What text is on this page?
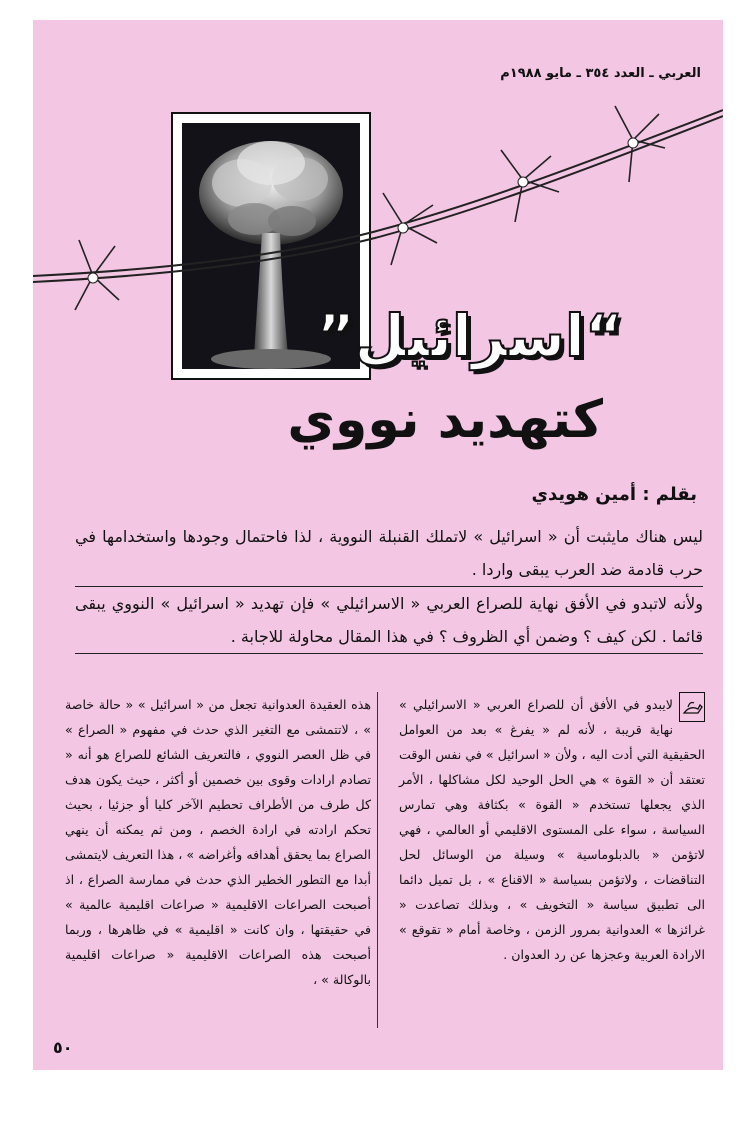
العربي ـ العدد ٣٥٤ ـ مايو ١٩٨٨م
“اسرائيل”
كتهديد نووي
بقلم : أمين هويدي

ليس هناك مايثبت أن « اسرائيل » لاتملك القنبلة النووية ، لذا فاحتمال وجودها واستخدامها في حرب قادمة ضد العرب يبقى واردا .

ولأنه لاتبدو في الأفق نهاية للصراع العربي « الاسرائيلي » فإن تهديد « اسرائيل » النووي يبقى قائما . لكن كيف ؟ وضمن أي الظروف ؟ في هذا المقال محاولة للاجابة .

لايبدو في الأفق أن للصراع العربي « الاسرائيلي » نهاية قريبة ، لأنه لم « يفرغ » بعد من العوامل الحقيقية التي أدت اليه ، ولأن « اسرائيل » في نفس الوقت تعتقد أن « القوة » هي الحل الوحيد لكل مشاكلها ، الأمر الذي يجعلها تستخدم « القوة » بكثافة وهي تمارس السياسة ، سواء على المستوى الاقليمي أو العالمي ، فهي لاتؤمن « بالدبلوماسية » وسيلة من الوسائل لحل التناقضات ، ولاتؤمن بسياسة « الاقناع » ، بل تميل دائما الى تطبيق سياسة « التخويف » ، وبذلك تصاعدت « غرائزها » العدوانية بمرور الزمن ، وخاصة أمام « تقوقع » الارادة العربية وعجزها عن رد العدوان .
هذه العقيدة العدوانية تجعل من « اسرائيل » « حالة خاصة » ، لاتتمشى مع التغير الذي حدث في مفهوم « الصراع » في ظل العصر النووي ، فالتعريف الشائع للصراع هو أنه « تصادم ارادات وقوى بين خصمين أو أكثر ، حيث يكون هدف كل طرف من الأطراف تحطيم الآخر كليا أو جزئيا ، بحيث تحكم ارادته في ارادة الخصم ، ومن ثم يمكنه أن ينهي الصراع بما يحقق أهدافه وأغراضه » ، هذا التعريف لايتمشى أبدا مع التطور الخطير الذي حدث في ممارسة الصراع ، اذ أصبحت الصراعات الاقليمية « صراعات اقليمية عالمية » في حقيقتها ، وان كانت « اقليمية » في ظاهرها ، وربما أصبحت هذه الصراعات الاقليمية « صراعات اقليمية بالوكالة » ،
٥٠
